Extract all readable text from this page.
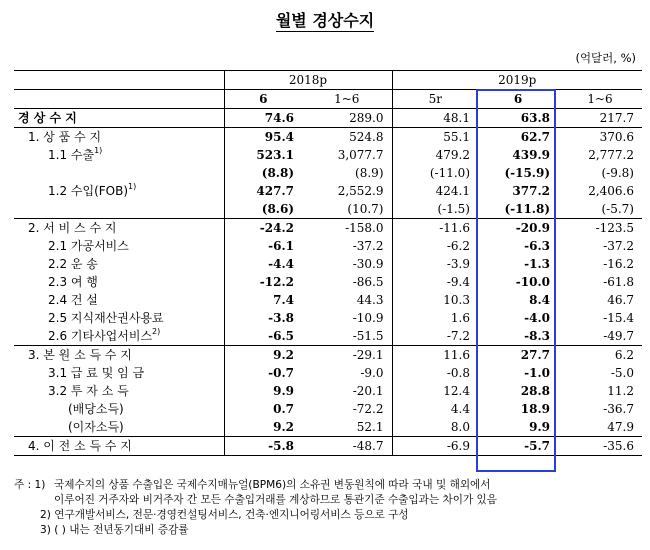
월별 경상수지
(억달러, %)
	2018p		2019p		
	6	1~6	5r	6	1~6
경 상 수 지	74.6	289.0	48.1	63.8	217.7
1. 상 품 수 지	95.4	524.8	55.1	62.7	370.6
1.1 수출$^{1)}$	523.1	3,077.7	479.2	439.9	2,777.2
	(8.8)	(8.9)	(-11.0)	(-15.9)	(-9.8)
1.2 수입(FOB)$^{1)}$	427.7	2,552.9	424.1	377.2	2,406.6
	(8.6)	(10.7)	(-1.5)	(-11.8)	(-5.7)
2. 서 비 스 수 지	-24.2	-158.0	-11.6	-20.9	-123.5
2.1 가공서비스	-6.1	-37.2	-6.2	-6.3	-37.2
2.2 운 송	-4.4	-30.9	-3.9	-1.3	-16.2
2.3 여 행	-12.2	-86.5	-9.4	-10.0	-61.8
2.4 건 설	7.4	44.3	10.3	8.4	46.7
2.5 지식재산권사용료	-3.8	-10.9	1.6	-4.0	-15.4
2.6 기타사업서비스$^{2)}$	-6.5	-51.5	-7.2	-8.3	-49.7
3. 본 원 소 득 수 지	9.2	-29.1	11.6	27.7	6.2
3.1 급 료 및 임 금	-0.7	-9.0	-0.8	-1.0	-5.0
3.2 투 자 소 득	9.9	-20.1	12.4	28.8	11.2
(배당소득)	0.7	-72.2	4.4	18.9	-36.7
(이자소득)	9.2	52.1	8.0	9.9	47.9
4. 이 전 소 득 수 지	-5.8	-48.7	-6.9	-5.7	-35.6
주 : 1) 국제수지의 상품 수출입은 국제수지매뉴얼(BPM6)의 소유권 변동원칙에 따라 국내 및 해외에서
이루어진 거주자와 비거주자 간 모든 수출입거래를 계상하므로 통관기준 수출입과는 차이가 있음
2) 연구개발서비스, 전문·경영컨설팅서비스, 건축·엔지니어링서비스 등으로 구성
3) ( ) 내는 전년동기대비 증감률
